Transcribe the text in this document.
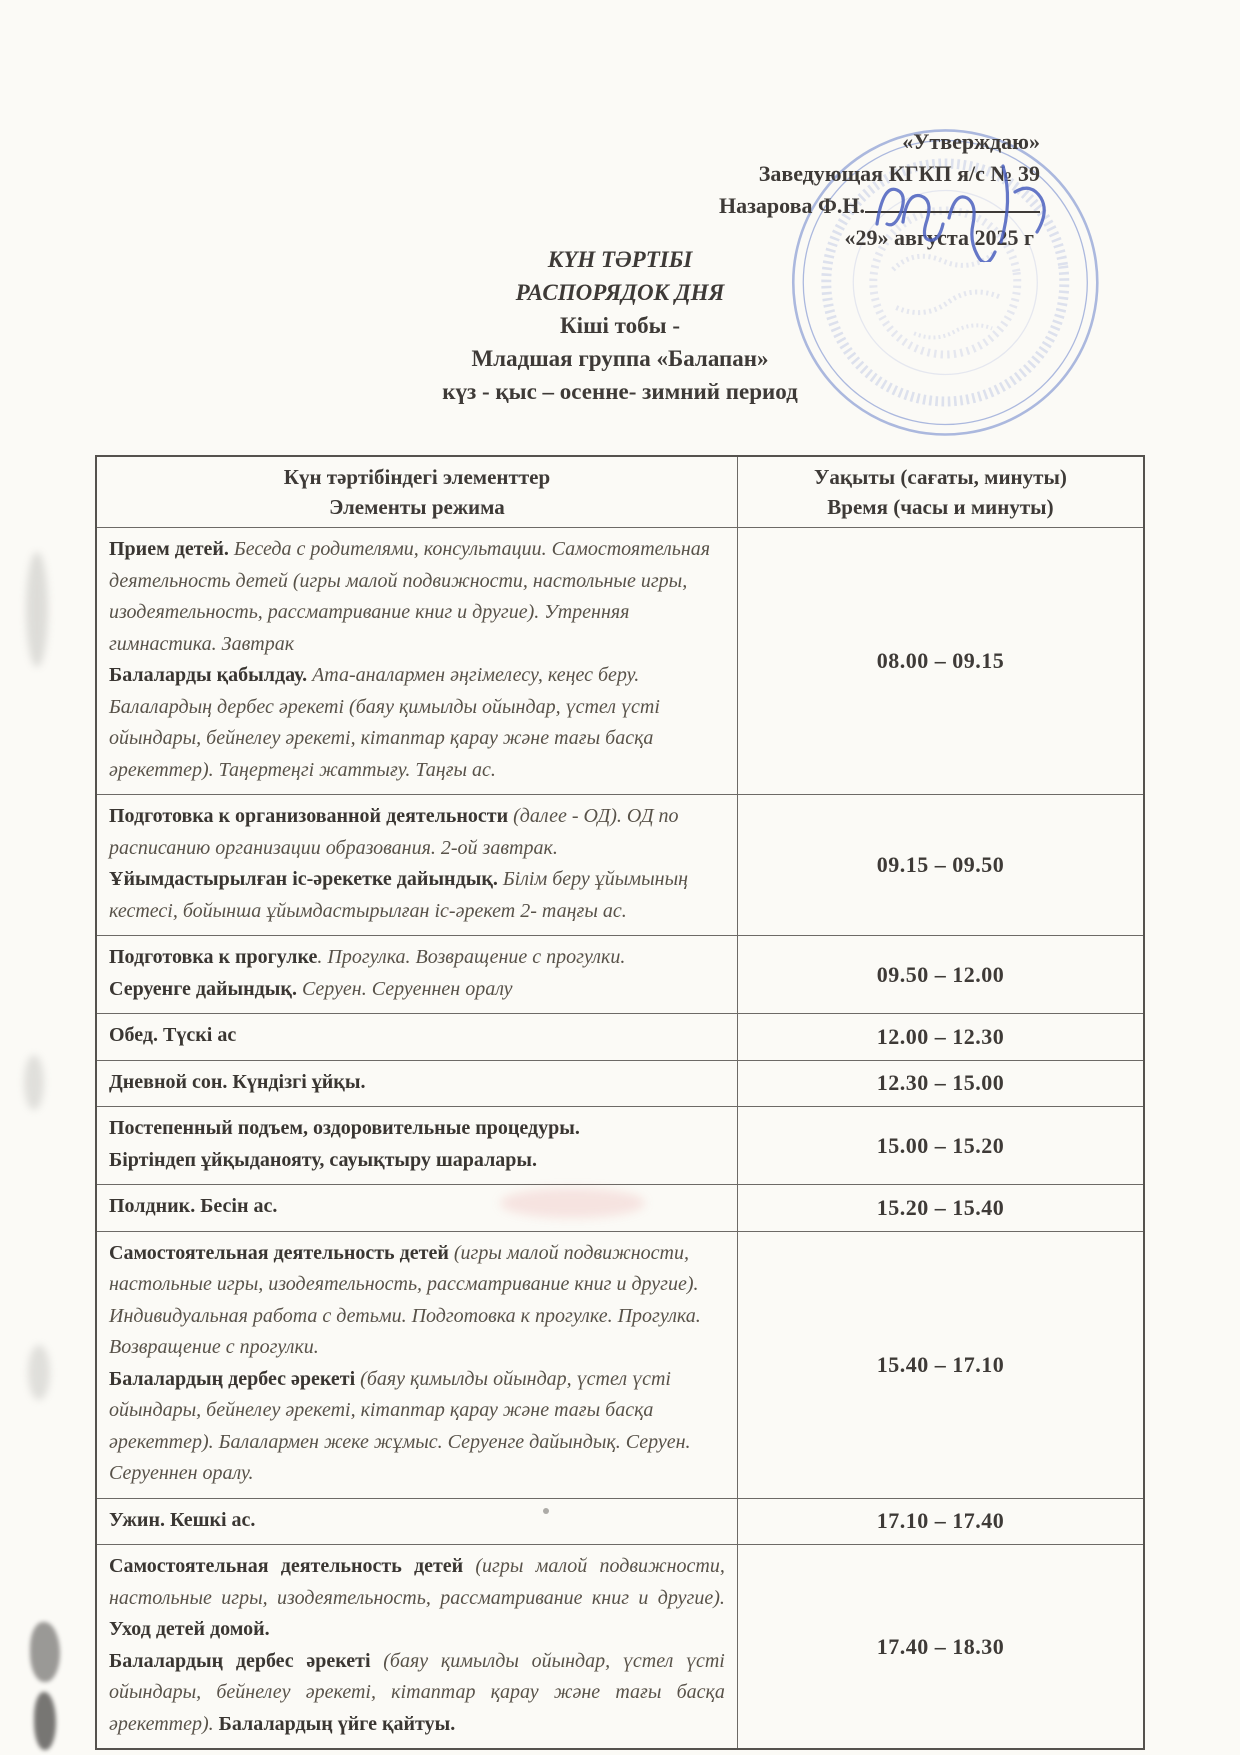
«Утверждаю»
Заведующая КГКП я/с № 39
Назарова Ф.Н.
«29» августа 2025 г
КҮН ТӘРТІБІ
РАСПОРЯДОК ДНЯ
Кіші тобы -
Младшая группа «Балапан»
күз - қыс – осенне- зимний период
Күн тәртібіндегі элементтер
Элементы режима

Уақыты (сағаты, минуты)
Время (часы и минуты)

Прием детей. Беседа с родителями, консультации. Самостоятельная деятельность детей (игры малой подвижности, настольные игры, изодеятельность, рассматривание книг и другие). Утренняя гимнастика. Завтрак
Балаларды қабылдау. Ата-аналармен әңгімелесу, кеңес беру. Балалардың дербес әрекеті (баяу қимылды ойындар, үстел үсті ойындары, бейнелеу әрекеті, кітаптар қарау және тағы басқа әрекеттер). Таңертеңгі жаттығу. Таңғы ас.	08.00 – 09.15
Подготовка к организованной деятельности (далее - ОД). ОД по расписанию организации образования. 2-ой завтрак.
Ұйымдастырылған іс-әрекетке дайындық. Білім беру ұйымының кестесі, бойынша ұйымдастырылған іс-әрекет 2- таңғы ас.	09.15 – 09.50
Подготовка к прогулке. Прогулка. Возвращение с прогулки.
Серуенге дайындық. Серуен. Серуеннен оралу	09.50 – 12.00
Обед. Түскі ас	12.00 – 12.30
Дневной сон. Күндізгі ұйқы.	12.30 – 15.00
Постепенный подъем, оздоровительные процедуры.
Біртіндеп ұйқыданояту, сауықтыру шаралары.	15.00 – 15.20
Полдник. Бесін ас.	15.20 – 15.40
Самостоятельная деятельность детей (игры малой подвижности, настольные игры, изодеятельность, рассматривание книг и другие). Индивидуальная работа с детьми. Подготовка к прогулке. Прогулка. Возвращение с прогулки.
Балалардың дербес әрекеті (баяу қимылды ойындар, үстел үсті ойындары, бейнелеу әрекеті, кітаптар қарау және тағы басқа әрекеттер). Балалармен жеке жұмыс. Серуенге дайындық. Серуен. Серуеннен оралу.	15.40 – 17.10
Ужин. Кешкі ас.	17.10 – 17.40
Самостоятельная деятельность детей (игры малой подвижности, настольные игры, изодеятельность, рассматривание книг и другие). Уход детей домой.
Балалардың дербес әрекеті (баяу қимылды ойындар, үстел үсті ойындары, бейнелеу әрекеті, кітаптар қарау және тағы басқа әрекеттер). Балалардың үйге қайтуы.	17.40 – 18.30
